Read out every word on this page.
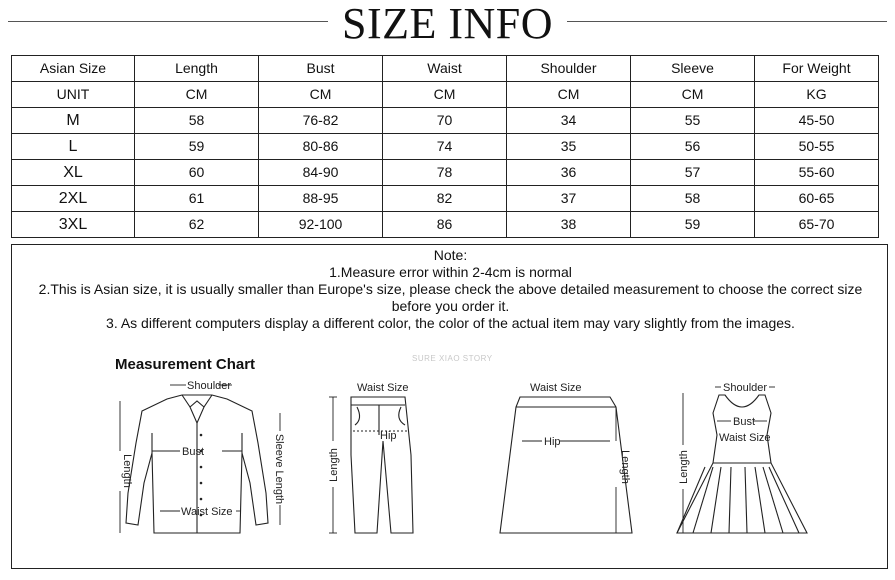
SIZE INFO
Asian Size	Length	Bust	Waist	Shoulder	Sleeve	For Weight
UNIT	CM	CM	CM	CM	CM	KG
M	58	76-82	70	34	55	45-50
L	59	80-86	74	35	56	50-55
XL	60	84-90	78	36	57	55-60
2XL	61	88-95	82	37	58	60-65
3XL	62	92-100	86	38	59	65-70
Note:
1.Measure error within 2-4cm is normal
2.This is Asian size, it is usually smaller than Europe's size, please check the above detailed measurement to choose the correct size
before you order it.
3. As different computers display a different color, the color of the actual item may vary slightly from the images.
Measurement Chart	SURE XIAO STORY
Shoulder
Bust
Waist Size
Length	Sleeve Length
Waist Size
Hip
Length
Waist Size
Hip
Length
Shoulder
Bust
Waist Size
Length
